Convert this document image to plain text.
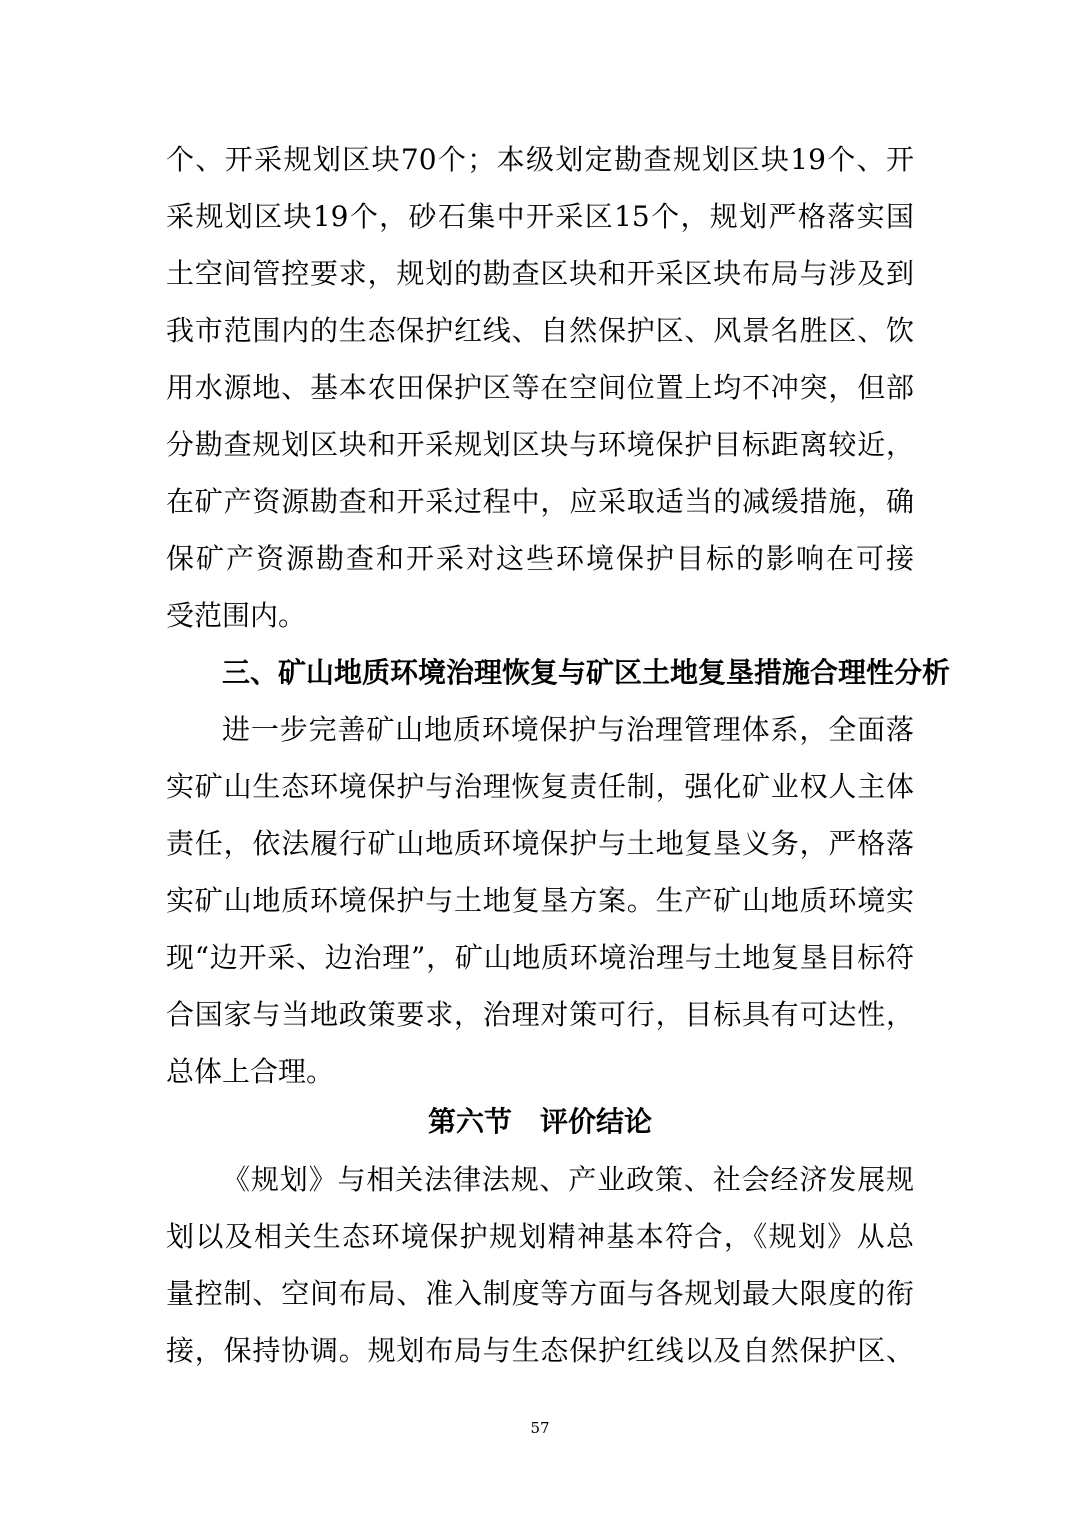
个、开采规划区块70个；本级划定勘查规划区块19个、开
采规划区块19个，砂石集中开采区15个，规划严格落实国
土空间管控要求，规划的勘查区块和开采区块布局与涉及到
我市范围内的生态保护红线、自然保护区、风景名胜区、饮
用水源地、基本农田保护区等在空间位置上均不冲突，但部
分勘查规划区块和开采规划区块与环境保护目标距离较近，
在矿产资源勘查和开采过程中，应采取适当的减缓措施，确
保矿产资源勘查和开采对这些环境保护目标的影响在可接
受范围内。
三、矿山地质环境治理恢复与矿区土地复垦措施合理性分析
进一步完善矿山地质环境保护与治理管理体系，全面落
实矿山生态环境保护与治理恢复责任制，强化矿业权人主体
责任，依法履行矿山地质环境保护与土地复垦义务，严格落
实矿山地质环境保护与土地复垦方案。生产矿山地质环境实
现“边开采、边治理”，矿山地质环境治理与土地复垦目标符
合国家与当地政策要求，治理对策可行，目标具有可达性，
总体上合理。
第六节　评价结论
《规划》与相关法律法规、产业政策、社会经济发展规
划以及相关生态环境保护规划精神基本符合，《规划》从总
量控制、空间布局、准入制度等方面与各规划最大限度的衔
接，保持协调。规划布局与生态保护红线以及自然保护区、
57
